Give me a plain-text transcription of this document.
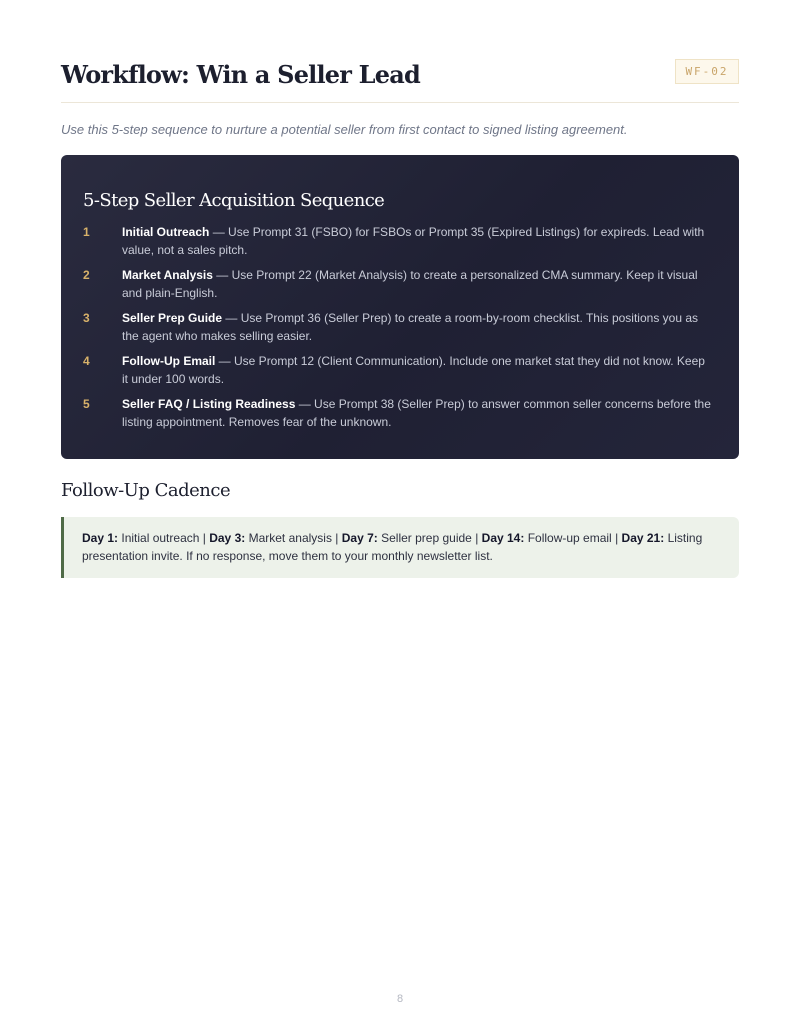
Workflow: Win a Seller Lead	WF-02
Use this 5-step sequence to nurture a potential seller from first contact to signed listing agreement.
5-Step Seller Acquisition Sequence
1	Initial Outreach — Use Prompt 31 (FSBO) for FSBOs or Prompt 35 (Expired Listings) for expireds. Lead with value, not a sales pitch.
2	Market Analysis — Use Prompt 22 (Market Analysis) to create a personalized CMA summary. Keep it visual and plain-English.
3	Seller Prep Guide — Use Prompt 36 (Seller Prep) to create a room-by-room checklist. This positions you as the agent who makes selling easier.
4	Follow-Up Email — Use Prompt 12 (Client Communication). Include one market stat they did not know. Keep it under 100 words.
5	Seller FAQ / Listing Readiness — Use Prompt 38 (Seller Prep) to answer common seller concerns before the listing appointment. Removes fear of the unknown.
Follow-Up Cadence
Day 1: Initial outreach | Day 3: Market analysis | Day 7: Seller prep guide | Day 14: Follow-up email | Day 21: Listing presentation invite. If no response, move them to your monthly newsletter list.
8
